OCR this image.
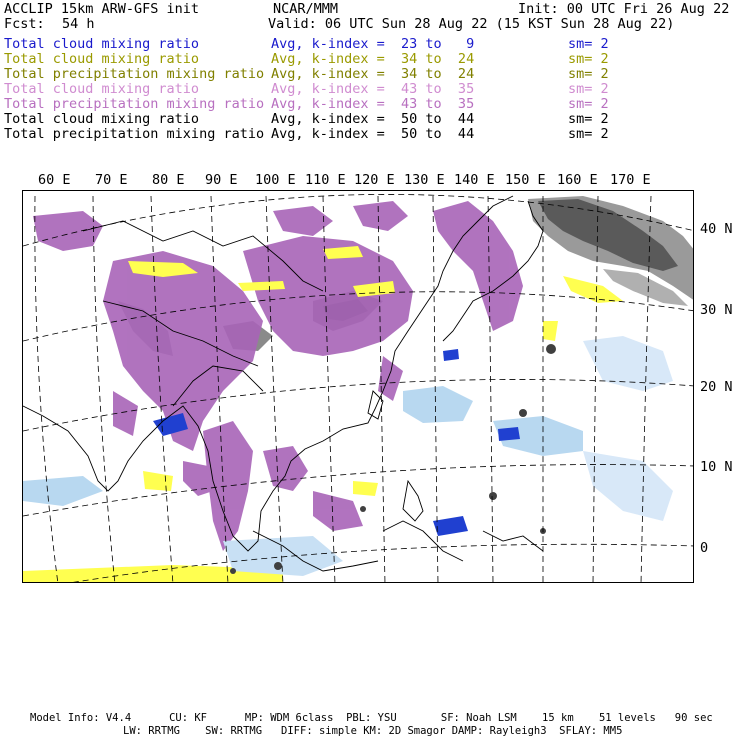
ACCLIP 15km ARW-GFS init	NCAR/MMM	Init: 00 UTC Fri 26 Aug 22
Fcst: 54 h	Valid: 06 UTC Sun 28 Aug 22 (15 KST Sun 28 Aug 22)
Total cloud mixing ratio	Avg, k-index =  23 to   9	sm= 2
Total cloud mixing ratio	Avg, k-index =  34 to  24	sm= 2
Total precipitation mixing ratio Avg, k-index =  34 to  24	sm= 2
Total cloud mixing ratio	Avg, k-index =  43 to  35	sm= 2
Total precipitation mixing ratio Avg, k-index =  43 to  35	sm= 2
Total cloud mixing ratio	Avg, k-index =  50 to  44	sm= 2
Total precipitation mixing ratio Avg, k-index =  50 to  44	sm= 2
60 E 70 E 80 E 90 E 100 E 110 E 120 E 130 E 140 E 150 E 160 E 170 E
40 N
30 N
20 N
10 N
0
Model Info: V4.4      CU: KF      MP: WDM 6class  PBL: YSU       SF: Noah LSM    15 km    51 levels   90 sec
LW: RRTMG    SW: RRTMG   DIFF: simple KM: 2D Smagor DAMP: Rayleigh3  SFLAY: MM5
